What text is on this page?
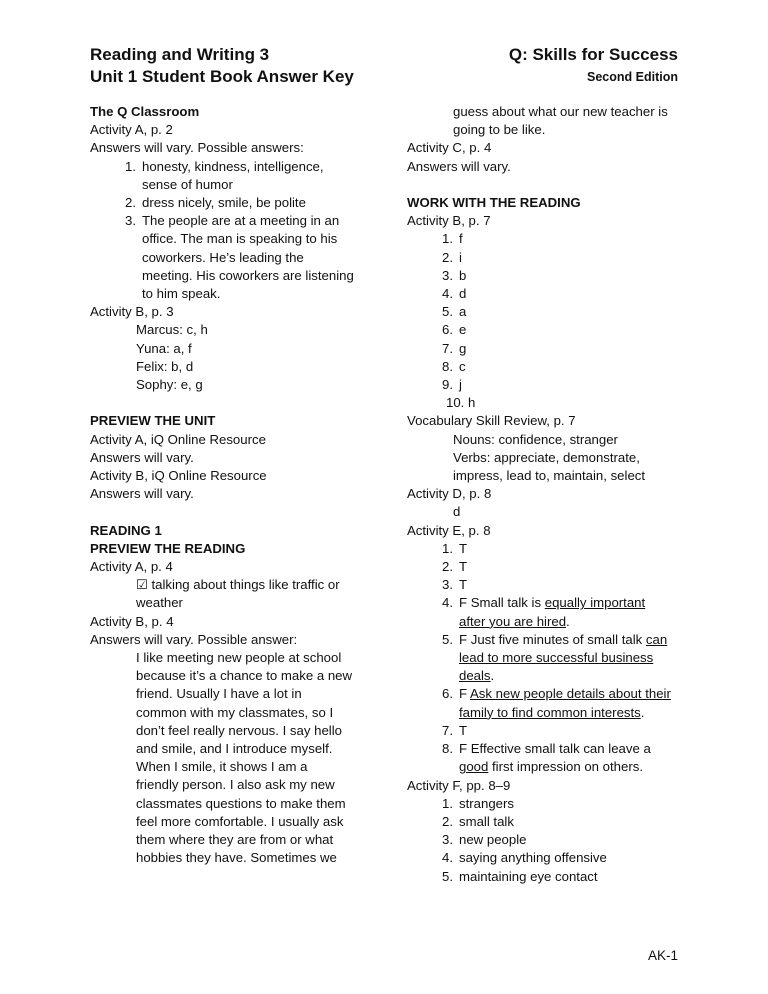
Reading and Writing 3
Unit 1 Student Book Answer Key
Q: Skills for Success
Second Edition
The Q Classroom
Activity A, p. 2
Answers will vary. Possible answers:
1. honesty, kindness, intelligence,
sense of humor
2. dress nicely, smile, be polite
3. The people are at a meeting in an
office. The man is speaking to his
coworkers. He’s leading the
meeting. His coworkers are listening
to him speak.
Activity B, p. 3
Marcus: c, h
Yuna: a, f
Felix: b, d
Sophy: e, g
PREVIEW THE UNIT
Activity A, iQ Online Resource
Answers will vary.
Activity B, iQ Online Resource
Answers will vary.
READING 1
PREVIEW THE READING
Activity A, p. 4
☑ talking about things like traffic or
weather
Activity B, p. 4
Answers will vary. Possible answer:
I like meeting new people at school
because it’s a chance to make a new
friend. Usually I have a lot in
common with my classmates, so I
don’t feel really nervous. I say hello
and smile, and I introduce myself.
When I smile, it shows I am a
friendly person. I also ask my new
classmates questions to make them
feel more comfortable. I usually ask
them where they are from or what
hobbies they have. Sometimes we
guess about what our new teacher is
going to be like.
Activity C, p. 4
Answers will vary.
WORK WITH THE READING
Activity B, p. 7
1. f
2. i
3. b
4. d
5. a
6. e
7. g
8. c
9. j
10. h
Vocabulary Skill Review, p. 7
Nouns: confidence, stranger
Verbs: appreciate, demonstrate,
impress, lead to, maintain, select
Activity D, p. 8
d
Activity E, p. 8
1. T
2. T
3. T
4. F Small talk is equally important
after you are hired.
5. F Just five minutes of small talk can
lead to more successful business
deals.
6. F Ask new people details about their
family to find common interests.
7. T
8. F Effective small talk can leave a
good first impression on others.
Activity F, pp. 8–9
1. strangers
2. small talk
3. new people
4. saying anything offensive
5. maintaining eye contact
AK-1
